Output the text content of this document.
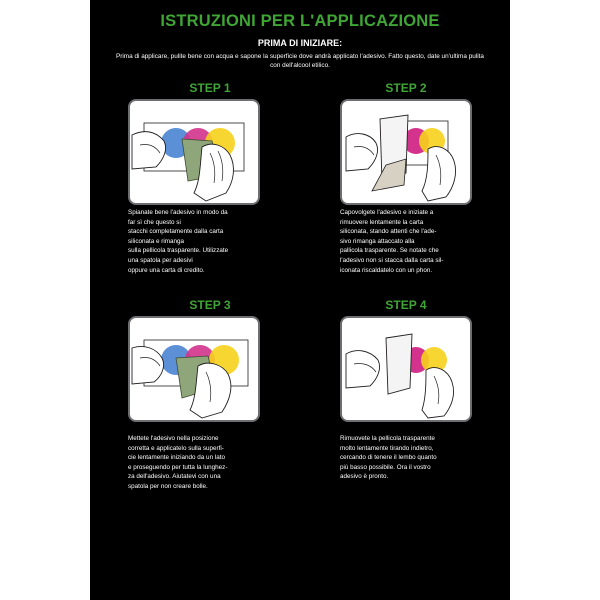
ISTRUZIONI PER L'APPLICAZIONE
PRIMA DI INIZIARE:
Prima di applicare, pulite bene con acqua e sapone la superficie dove andrà applicato l'adesivo. Fatto questo, date un'ultima pulita con dell'alcool etilico.
STEP 1
Spianate bene l'adesivo in modo da
far sì che questo si
stacchi completamente dalla carta
siliconata e rimanga
sulla pellicola trasparente. Utilizzate
una spatola per adesivi
oppure una carta di credito.
STEP 2
Capovolgete l'adesivo e iniziate a
rimuovere lentamente la carta
siliconata, stando attenti che l'ade-
sivo rimanga attaccato alla
pallicola trasparente. Se notate che
l'adesivo non si stacca dalla carta sil-
iconata riscaldatelo con un phon.
STEP 3
Mettete l'adesivo nella posizione
corretta e applicatelo sulla superfi-
cie lentamente iniziando da un lato
e proseguendo per tutta la lunghez-
za dell'adesivo. Aiutatevi con una
spatola per non creare bolle.
STEP 4
Rimuovete la pellicola trasparente
molto lentamente tirando indietro,
cercando di tenere il lembo quanto
più basso possibile. Ora il vostro
adesivo è pronto.
